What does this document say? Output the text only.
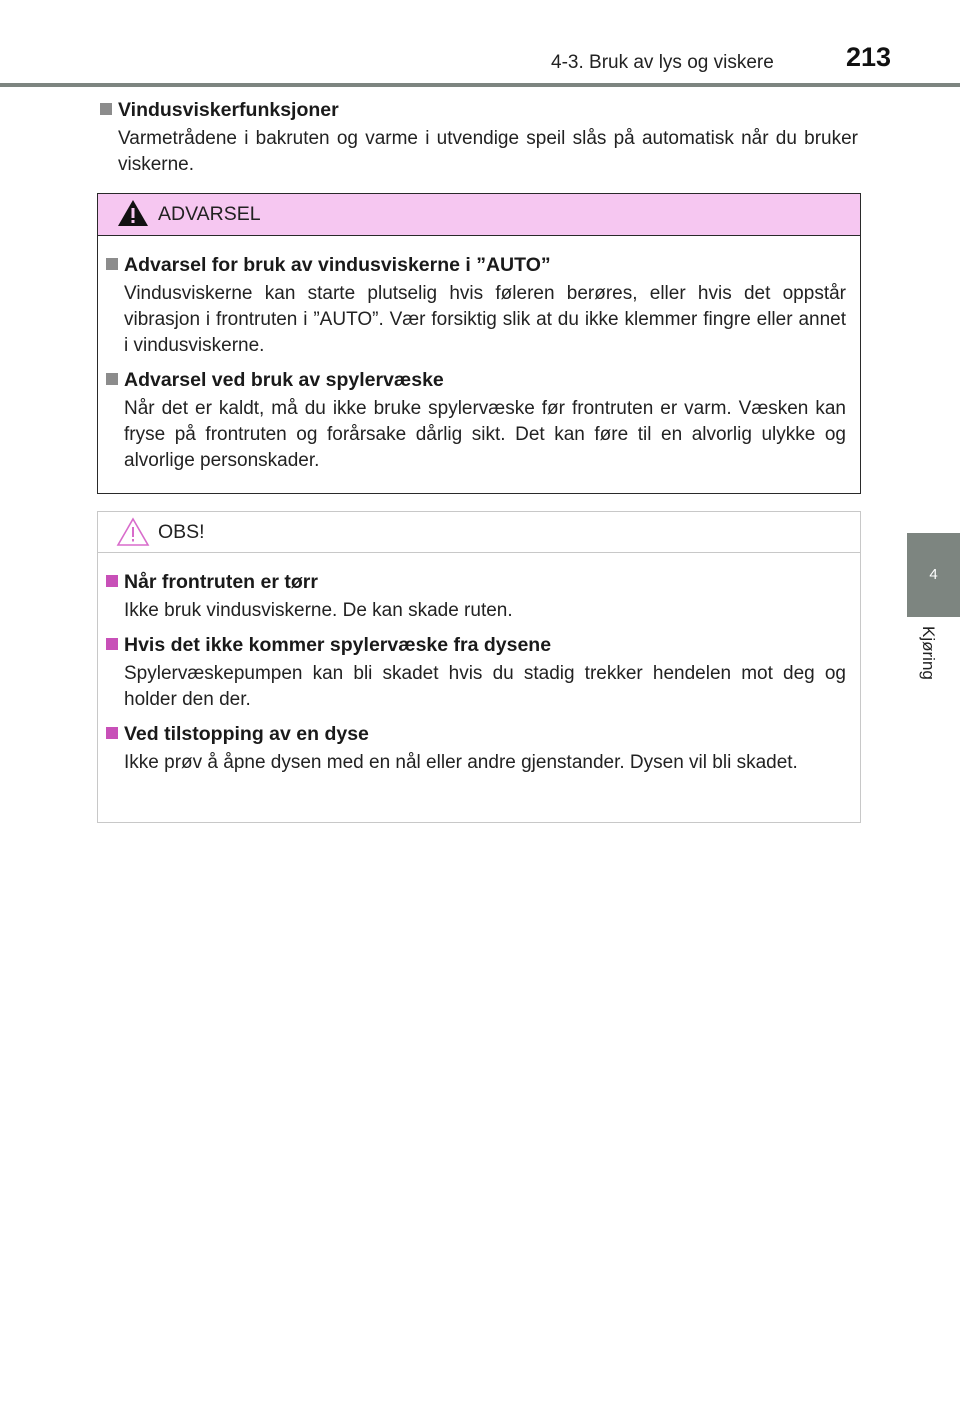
4-3. Bruk av lys og viskere	213
4
Kjøring
Vindusviskerfunksjoner
Varmetrådene i bakruten og varme i utvendige speil slås på automatisk når du bruker viskerne.
ADVARSEL
Advarsel for bruk av vindusviskerne i ”AUTO”
Vindusviskerne kan starte plutselig hvis føleren berøres, eller hvis det oppstår vibrasjon i frontruten i ”AUTO”. Vær forsiktig slik at du ikke klemmer fingre eller annet i vindusviskerne.
Advarsel ved bruk av spylervæske
Når det er kaldt, må du ikke bruke spylervæske før frontruten er varm. Væsken kan fryse på frontruten og forårsake dårlig sikt. Det kan føre til en alvorlig ulykke og alvorlige personskader.
OBS!
Når frontruten er tørr
Ikke bruk vindusviskerne. De kan skade ruten.
Hvis det ikke kommer spylervæske fra dysene
Spylervæskepumpen kan bli skadet hvis du stadig trekker hendelen mot deg og holder den der.
Ved tilstopping av en dyse
Ikke prøv å åpne dysen med en nål eller andre gjenstander. Dysen vil bli skadet.
